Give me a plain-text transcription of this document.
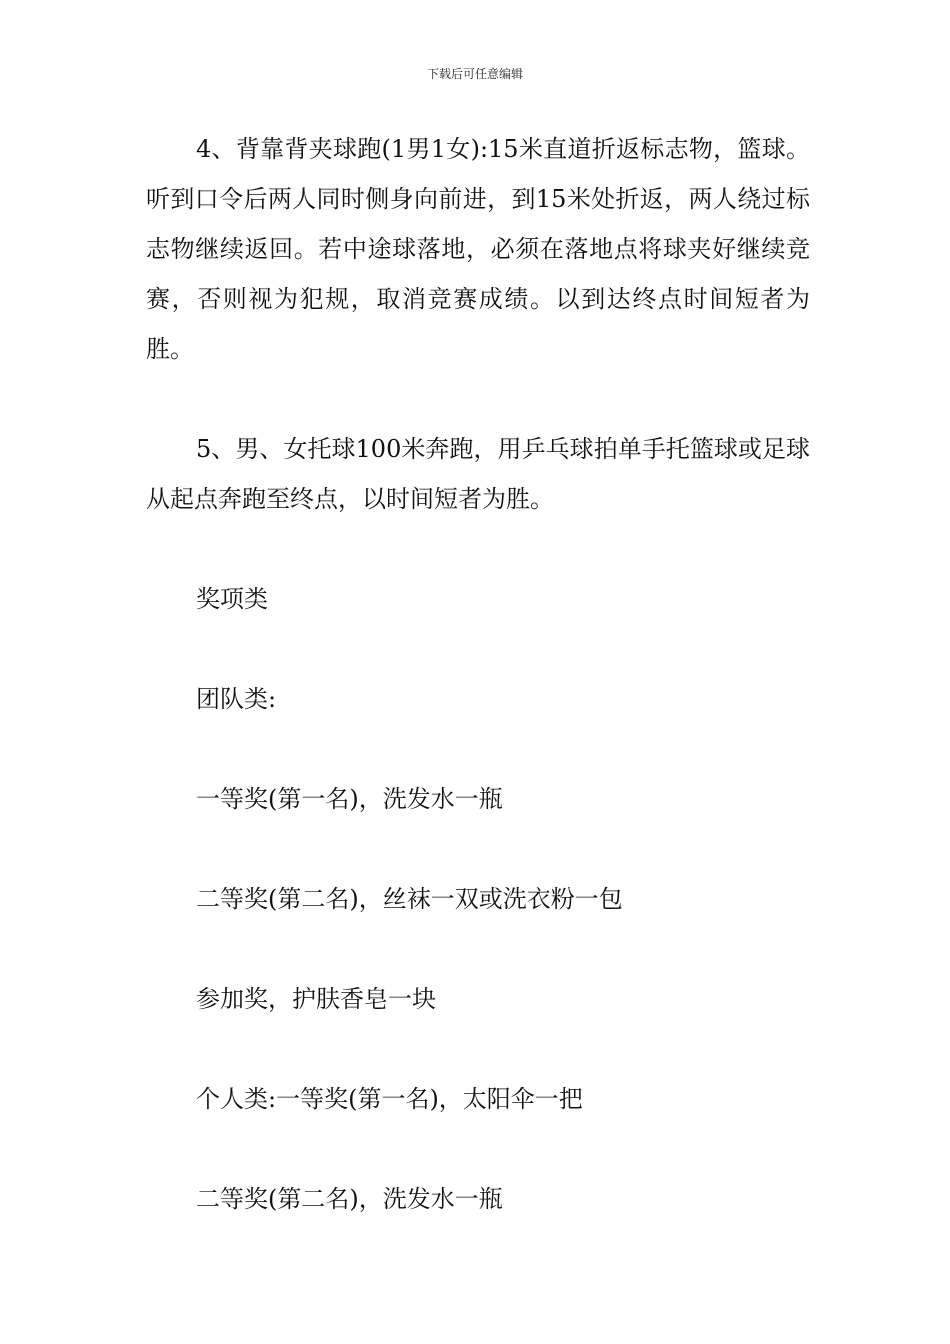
下载后可任意编辑

4、背靠背夹球跑(1男1女):15米直道折返标志物，篮球。听到口令后两人同时侧身向前进，到15米处折返，两人绕过标志物继续返回。若中途球落地，必须在落地点将球夹好继续竞赛，否则视为犯规，取消竞赛成绩。以到达终点时间短者为胜。

5、男、女托球100米奔跑，用乒乓球拍单手托篮球或足球从起点奔跑至终点，以时间短者为胜。

奖项类

团队类:

一等奖(第一名)，洗发水一瓶

二等奖(第二名)，丝袜一双或洗衣粉一包

参加奖，护肤香皂一块

个人类:一等奖(第一名)，太阳伞一把

二等奖(第二名)，洗发水一瓶
